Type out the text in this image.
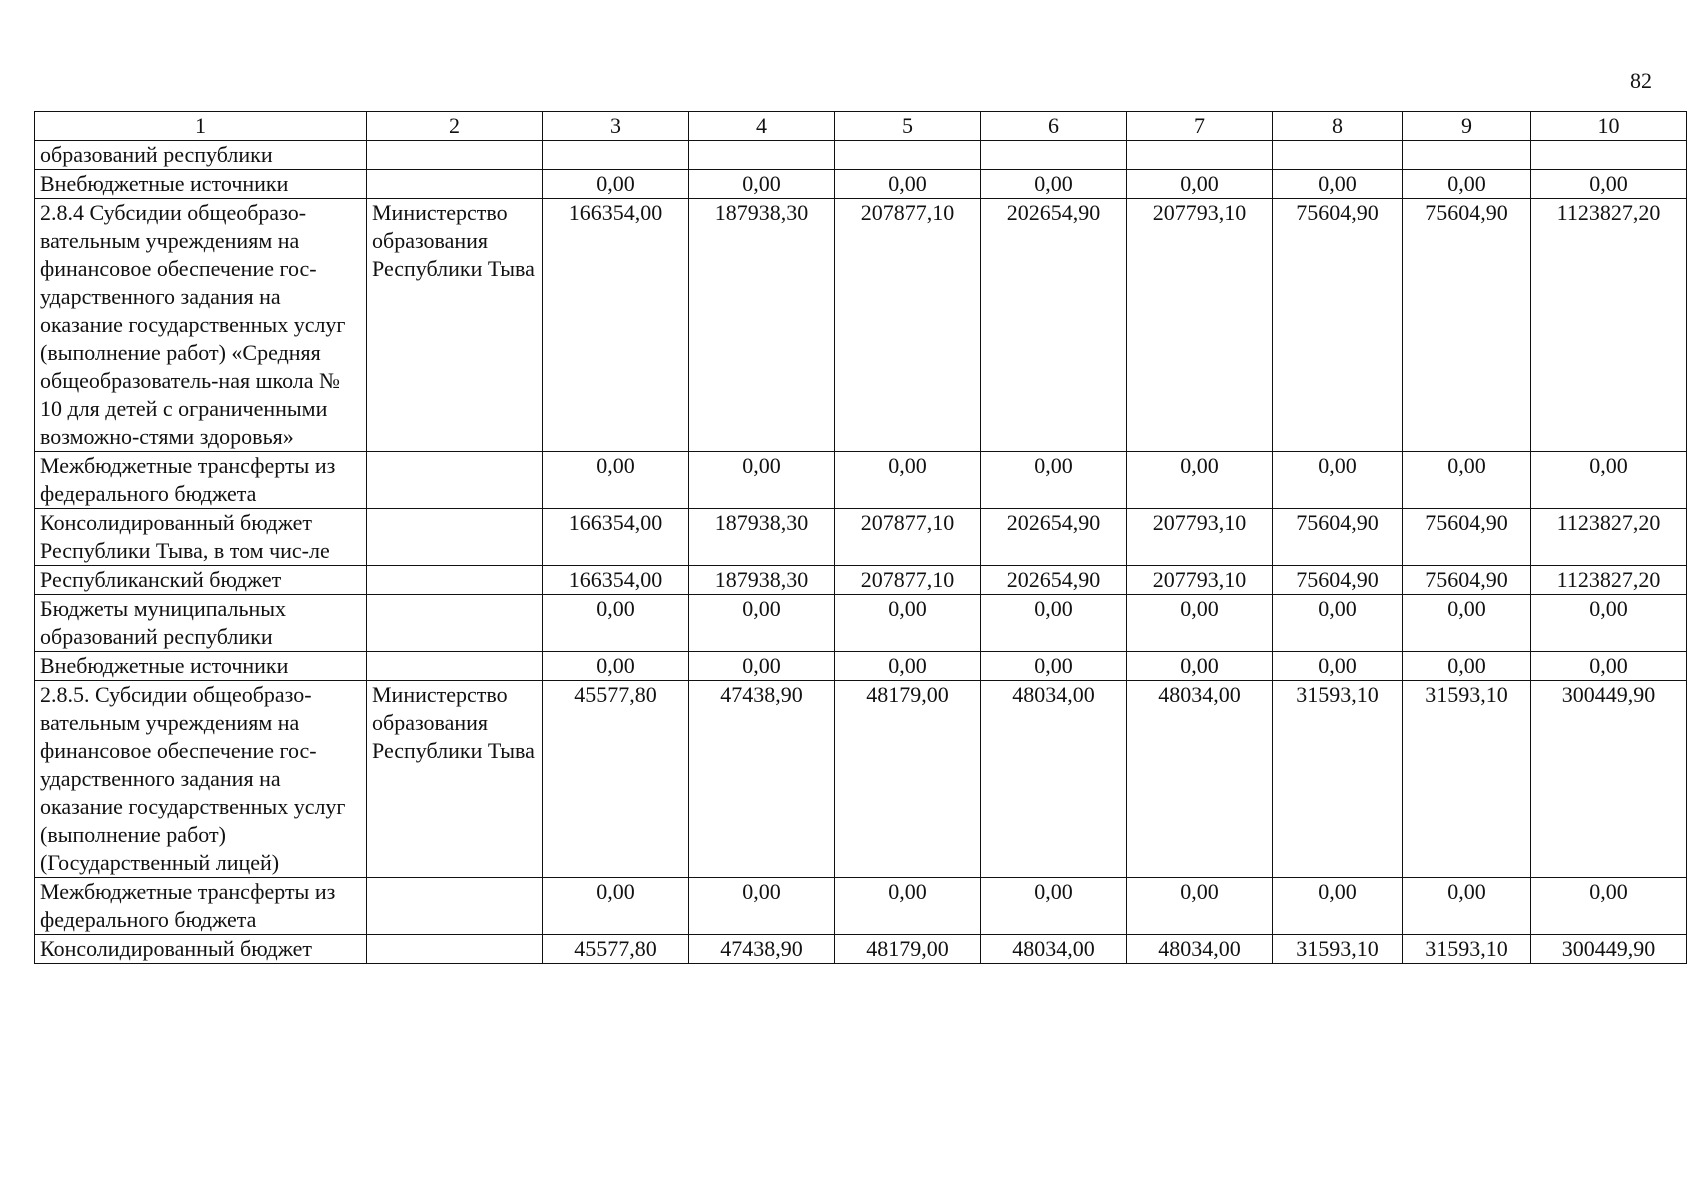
82
1	2	3	4	5	6	7	8	9	10
образований республики									
Внебюджетные источники		0,00	0,00	0,00	0,00	0,00	0,00	0,00	0,00
2.8.4 Субсидии общеобразо-вательным учреждениям на финансовое обеспечение гос-ударственного задания на оказание государственных услуг (выполнение работ) «Средняя общеобразователь-ная школа № 10 для детей с ограниченными возможно-стями здоровья»	Министерство образования Республики Тыва	166354,00	187938,30	207877,10	202654,90	207793,10	75604,90	75604,90	1123827,20
Межбюджетные трансферты из федерального бюджета		0,00	0,00	0,00	0,00	0,00	0,00	0,00	0,00
Консолидированный бюджет Республики Тыва, в том чис-ле		166354,00	187938,30	207877,10	202654,90	207793,10	75604,90	75604,90	1123827,20
Республиканский бюджет		166354,00	187938,30	207877,10	202654,90	207793,10	75604,90	75604,90	1123827,20
Бюджеты муниципальных образований республики		0,00	0,00	0,00	0,00	0,00	0,00	0,00	0,00
Внебюджетные источники		0,00	0,00	0,00	0,00	0,00	0,00	0,00	0,00
2.8.5. Субсидии общеобразо-вательным учреждениям на финансовое обеспечение гос-ударственного задания на оказание государственных услуг (выполнение работ) (Государственный лицей)	Министерство образования Республики Тыва	45577,80	47438,90	48179,00	48034,00	48034,00	31593,10	31593,10	300449,90
Межбюджетные трансферты из федерального бюджета		0,00	0,00	0,00	0,00	0,00	0,00	0,00	0,00
Консолидированный бюджет		45577,80	47438,90	48179,00	48034,00	48034,00	31593,10	31593,10	300449,90
